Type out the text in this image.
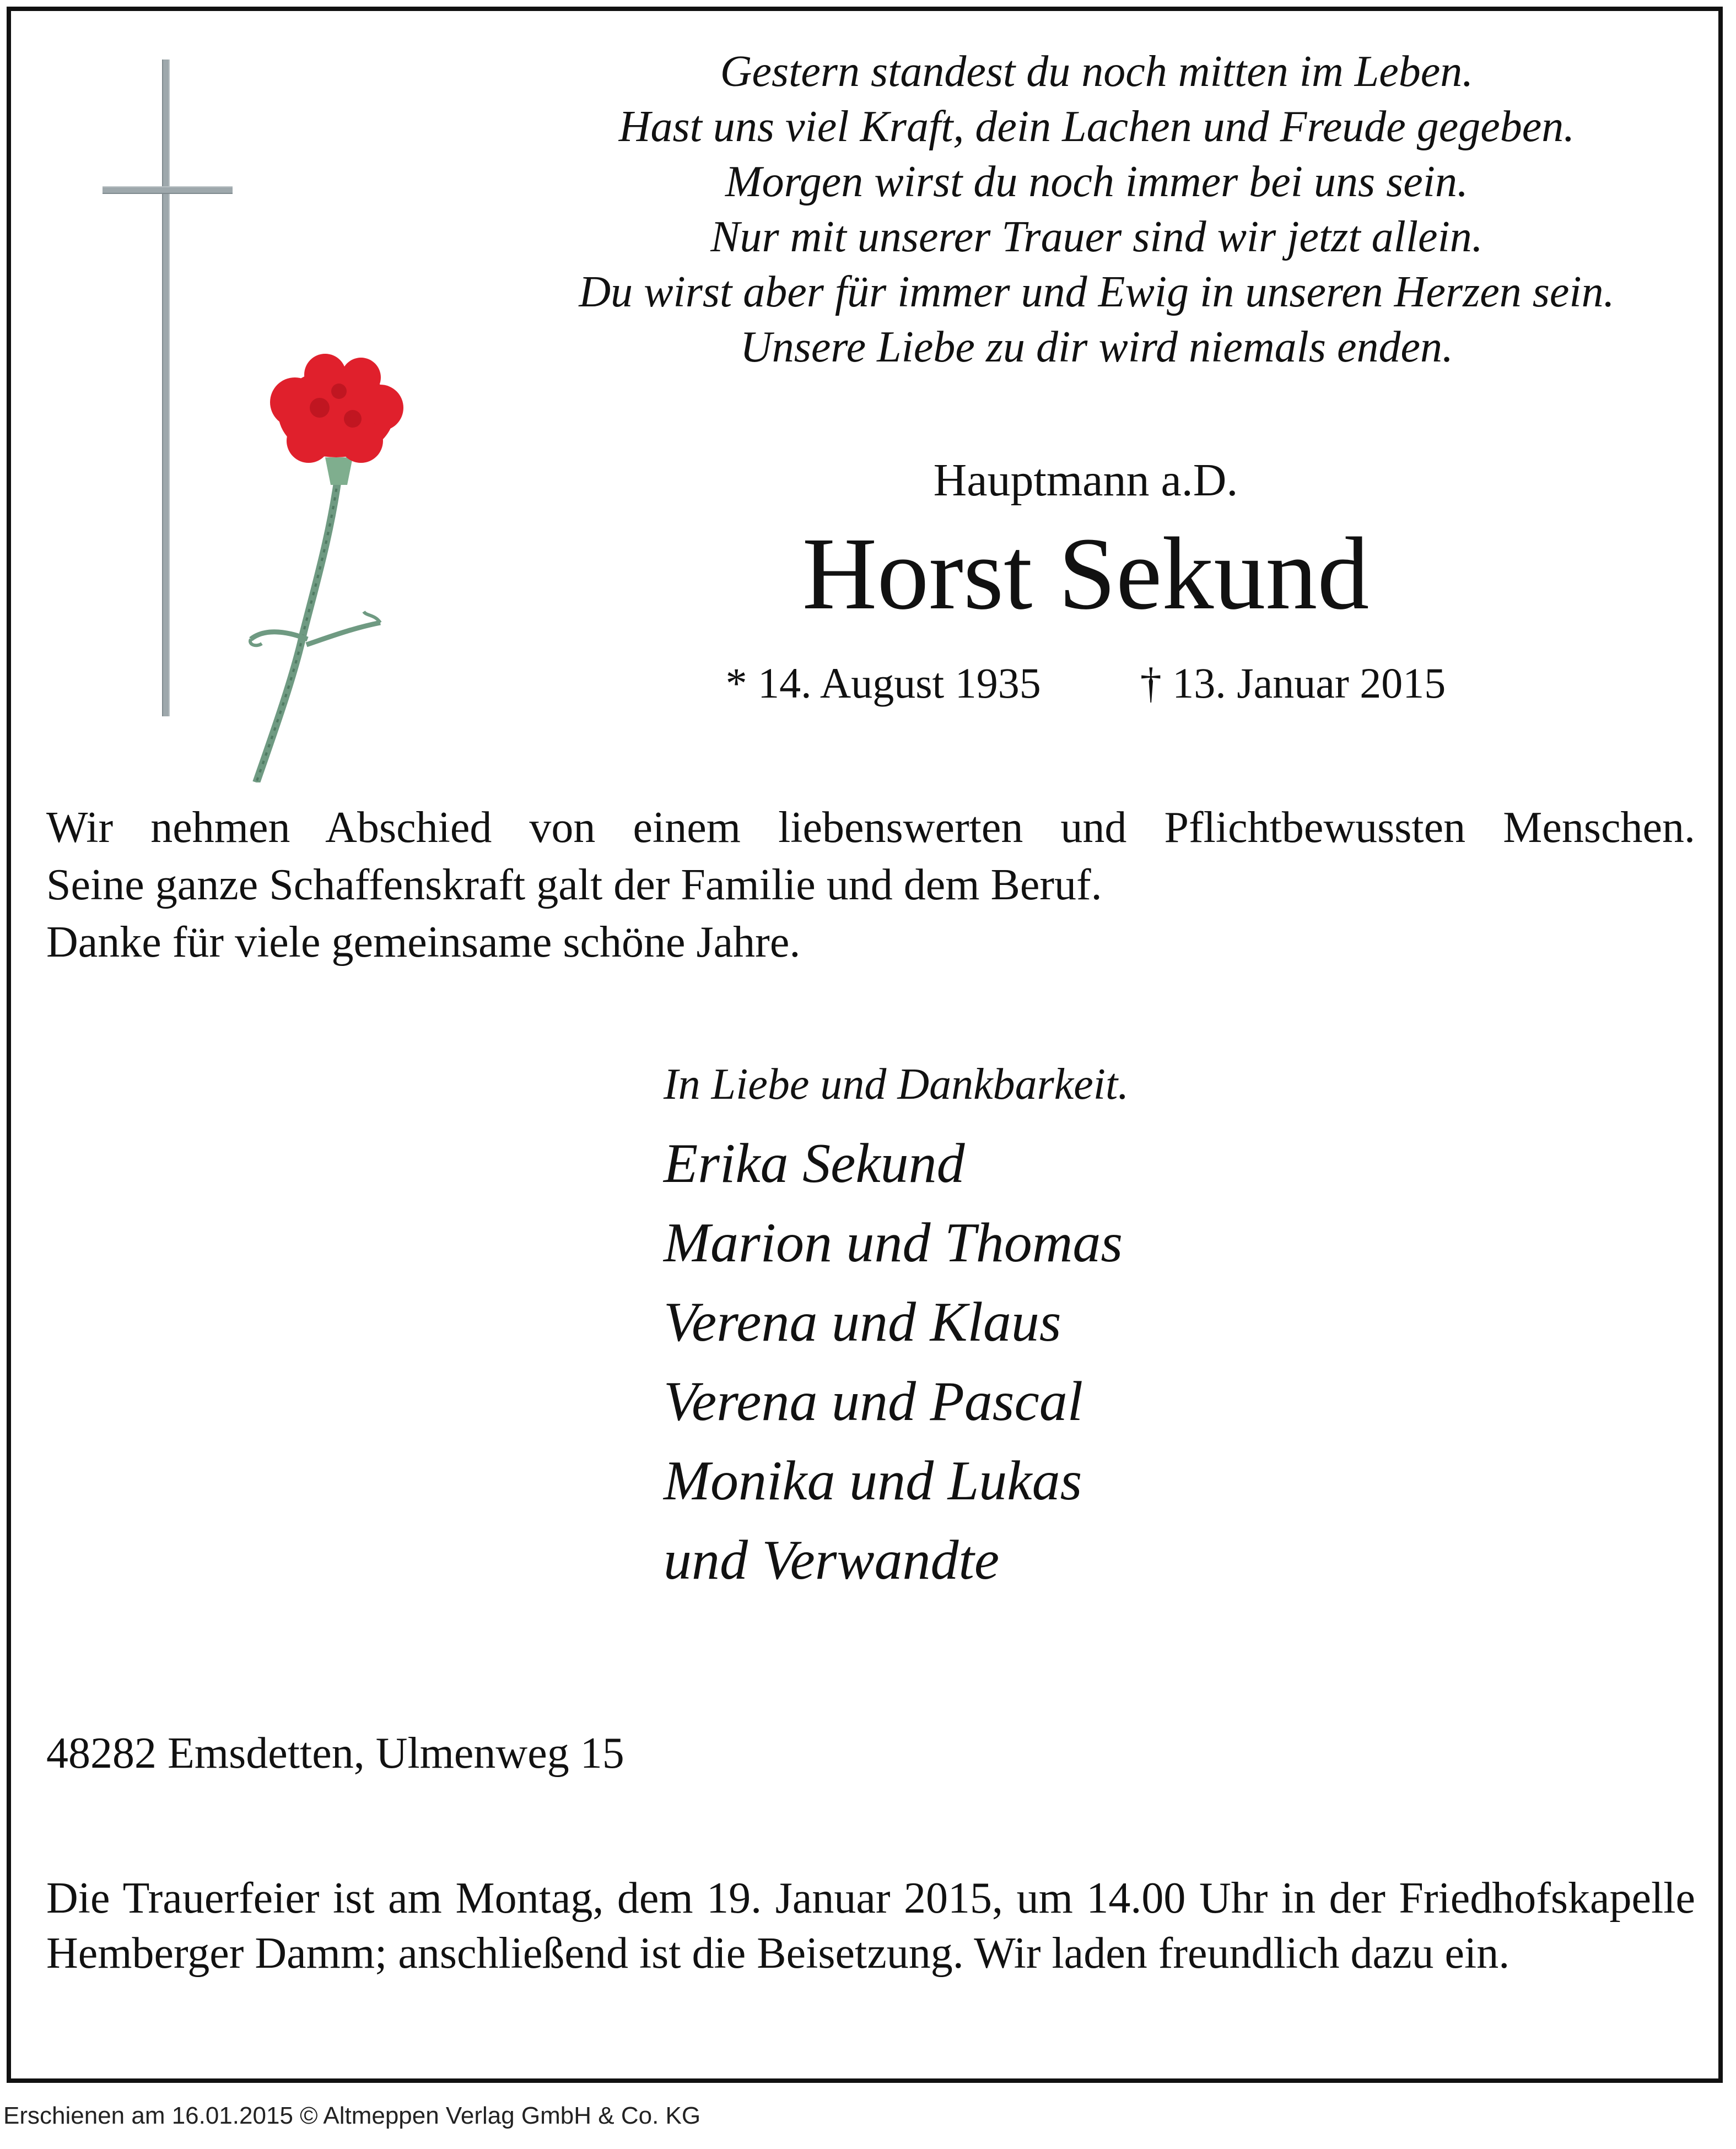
Gestern standest du noch mitten im Leben.
Hast uns viel Kraft, dein Lachen und Freude gegeben.
Morgen wirst du noch immer bei uns sein.
Nur mit unserer Trauer sind wir jetzt allein.
Du wirst aber für immer und Ewig in unseren Herzen sein.
Unsere Liebe zu dir wird niemals enden.
Hauptmann a.D.
Horst Sekund
* 14. August 1935 † 13. Januar 2015
Wir nehmen Abschied von einem liebenswerten und Pflichtbewussten Menschen.
Seine ganze Schaffenskraft galt der Familie und dem Beruf.
Danke für viele gemeinsame schöne Jahre.
In Liebe und Dankbarkeit.
Erika Sekund
Marion und Thomas
Verena und Klaus
Verena und Pascal
Monika und Lukas
und Verwandte
48282 Emsdetten, Ulmenweg 15
Die Trauerfeier ist am Montag, dem 19. Januar 2015, um 14.00 Uhr in der Friedhofskapelle Hemberger Damm; anschließend ist die Beisetzung. Wir laden freundlich dazu ein.
Erschienen am 16.01.2015 © Altmeppen Verlag GmbH & Co. KG
